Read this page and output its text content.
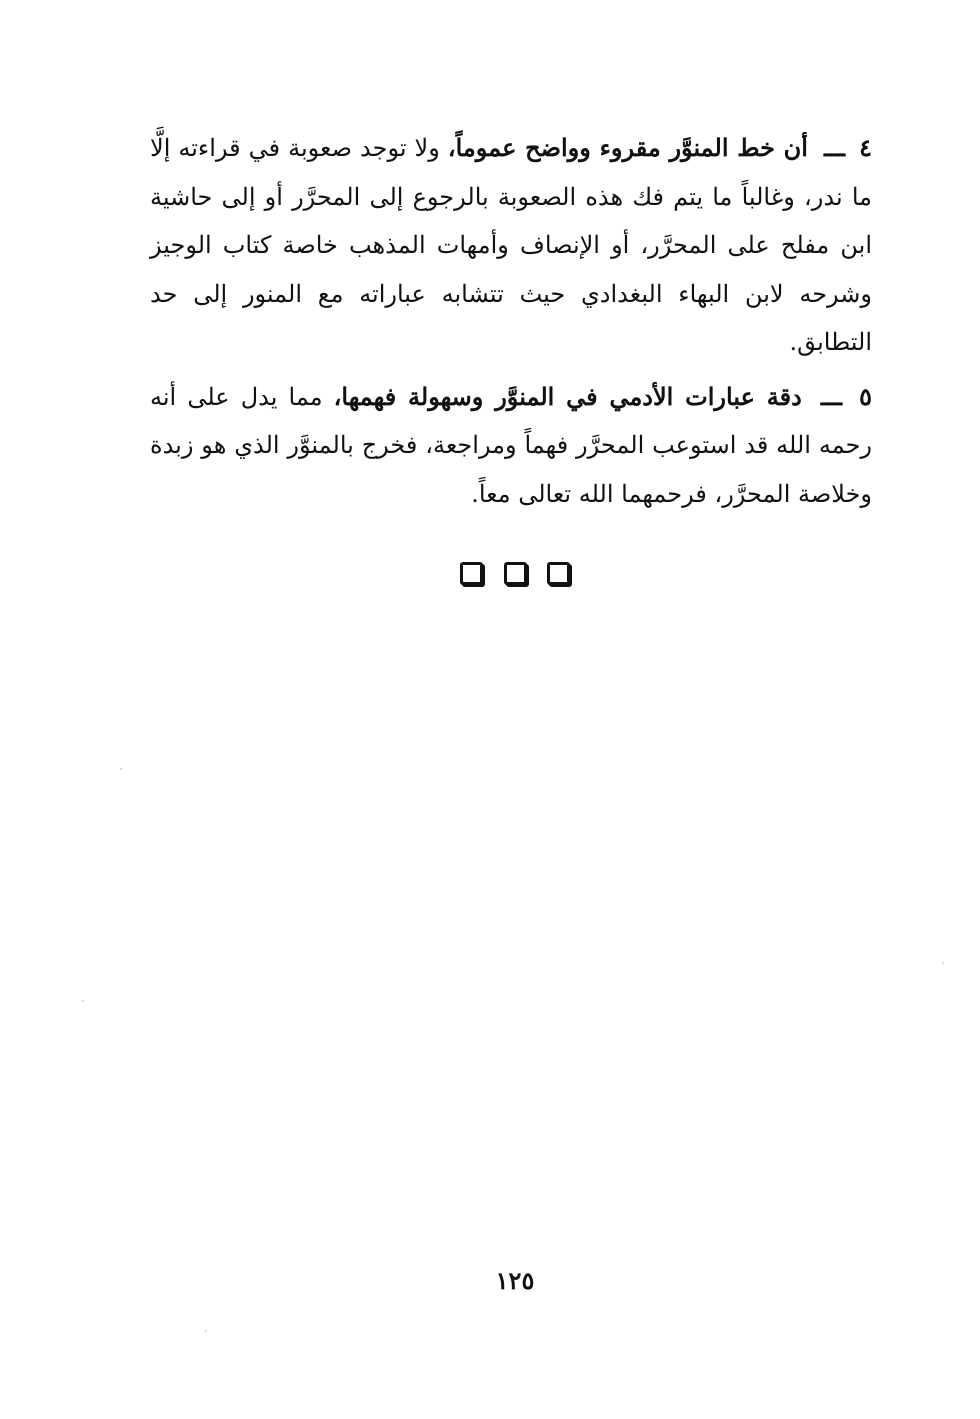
٤ ـــ أن خط المنوَّر مقروء وواضح عموماً، ولا توجد صعوبة في قراءته إلَّا ما ندر، وغالباً ما يتم فك هذه الصعوبة بالرجوع إلى المحرَّر أو إلى حاشية ابن مفلح على المحرَّر، أو الإنصاف وأمهات المذهب خاصة كتاب الوجيز وشرحه لابن البهاء البغدادي حيث تتشابه عباراته مع المنور إلى حد التطابق.

٥ ـــ دقة عبارات الأدمي في المنوَّر وسهولة فهمها، مما يدل على أنه رحمه الله قد استوعب المحرَّر فهماً ومراجعة، فخرج بالمنوَّر الذي هو زبدة وخلاصة المحرَّر، فرحمهما الله تعالى معاً.

١٢٥
